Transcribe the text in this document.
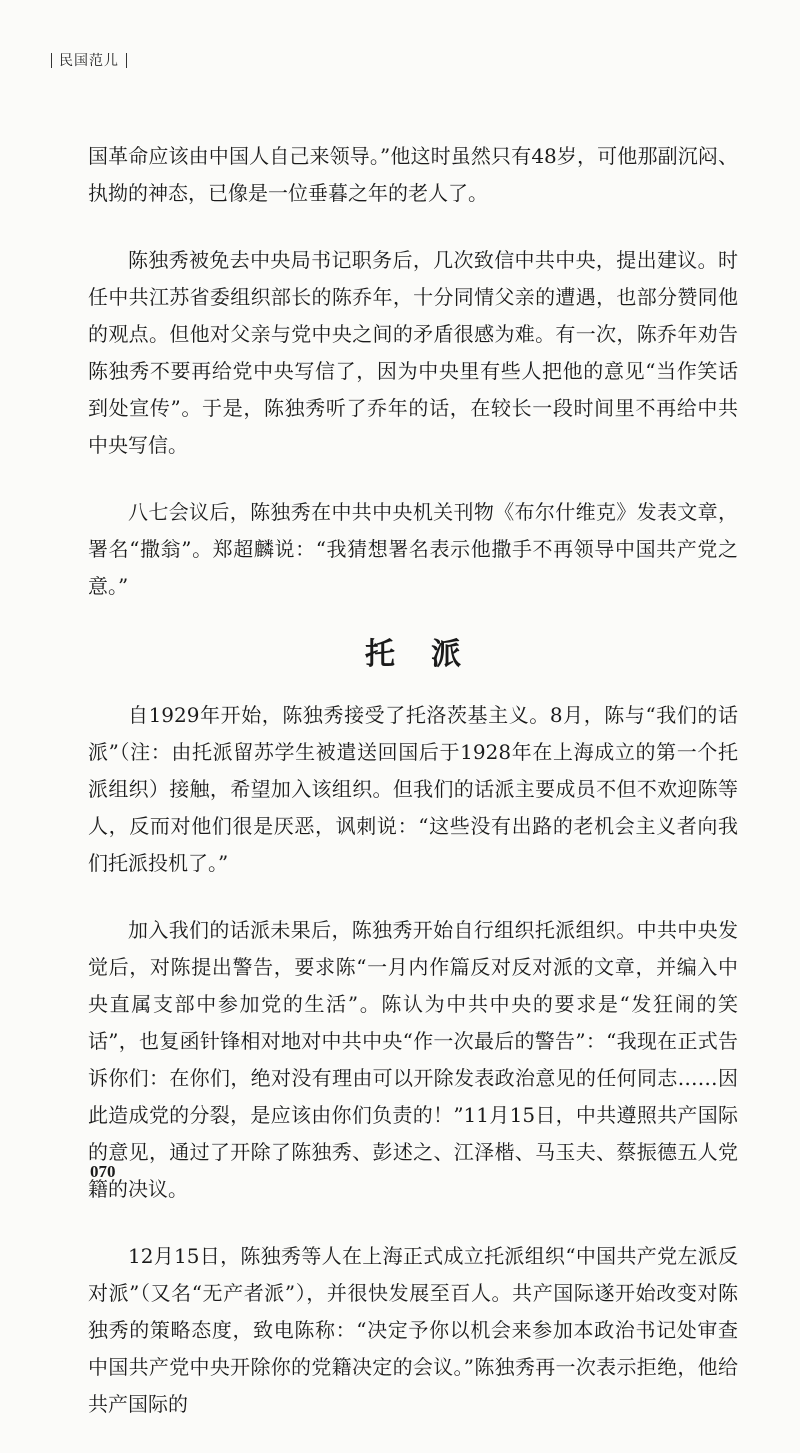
民国范儿

国革命应该由中国人自己来领导。”他这时虽然只有48岁，可他那副沉闷、执拗的神态，已像是一位垂暮之年的老人了。

陈独秀被免去中央局书记职务后，几次致信中共中央，提出建议。时任中共江苏省委组织部长的陈乔年，十分同情父亲的遭遇，也部分赞同他的观点。但他对父亲与党中央之间的矛盾很感为难。有一次，陈乔年劝告陈独秀不要再给党中央写信了，因为中央里有些人把他的意见“当作笑话到处宣传”。于是，陈独秀听了乔年的话，在较长一段时间里不再给中共中央写信。

八七会议后，陈独秀在中共中央机关刊物《布尔什维克》发表文章，署名“撒翁”。郑超麟说：“我猜想署名表示他撒手不再领导中国共产党之意。”

托派

自1929年开始，陈独秀接受了托洛茨基主义。8月，陈与“我们的话派”（注：由托派留苏学生被遣送回国后于1928年在上海成立的第一个托派组织）接触，希望加入该组织。但我们的话派主要成员不但不欢迎陈等人，反而对他们很是厌恶，讽刺说：“这些没有出路的老机会主义者向我们托派投机了。”

加入我们的话派未果后，陈独秀开始自行组织托派组织。中共中央发觉后，对陈提出警告，要求陈“一月内作篇反对反对派的文章，并编入中央直属支部中参加党的生活”。陈认为中共中央的要求是“发狂闹的笑话”，也复函针锋相对地对中共中央“作一次最后的警告”：“我现在正式告诉你们：在你们，绝对没有理由可以开除发表政治意见的任何同志……因此造成党的分裂，是应该由你们负责的！”11月15日，中共遵照共产国际的意见，通过了开除了陈独秀、彭述之、江泽楷、马玉夫、蔡振德五人党籍的决议。

12月15日，陈独秀等人在上海正式成立托派组织“中国共产党左派反对派”（又名“无产者派”），并很快发展至百人。共产国际遂开始改变对陈独秀的策略态度，致电陈称：“决定予你以机会来参加本政治书记处审查中国共产党中央开除你的党籍决定的会议。”陈独秀再一次表示拒绝，他给共产国际的

070
